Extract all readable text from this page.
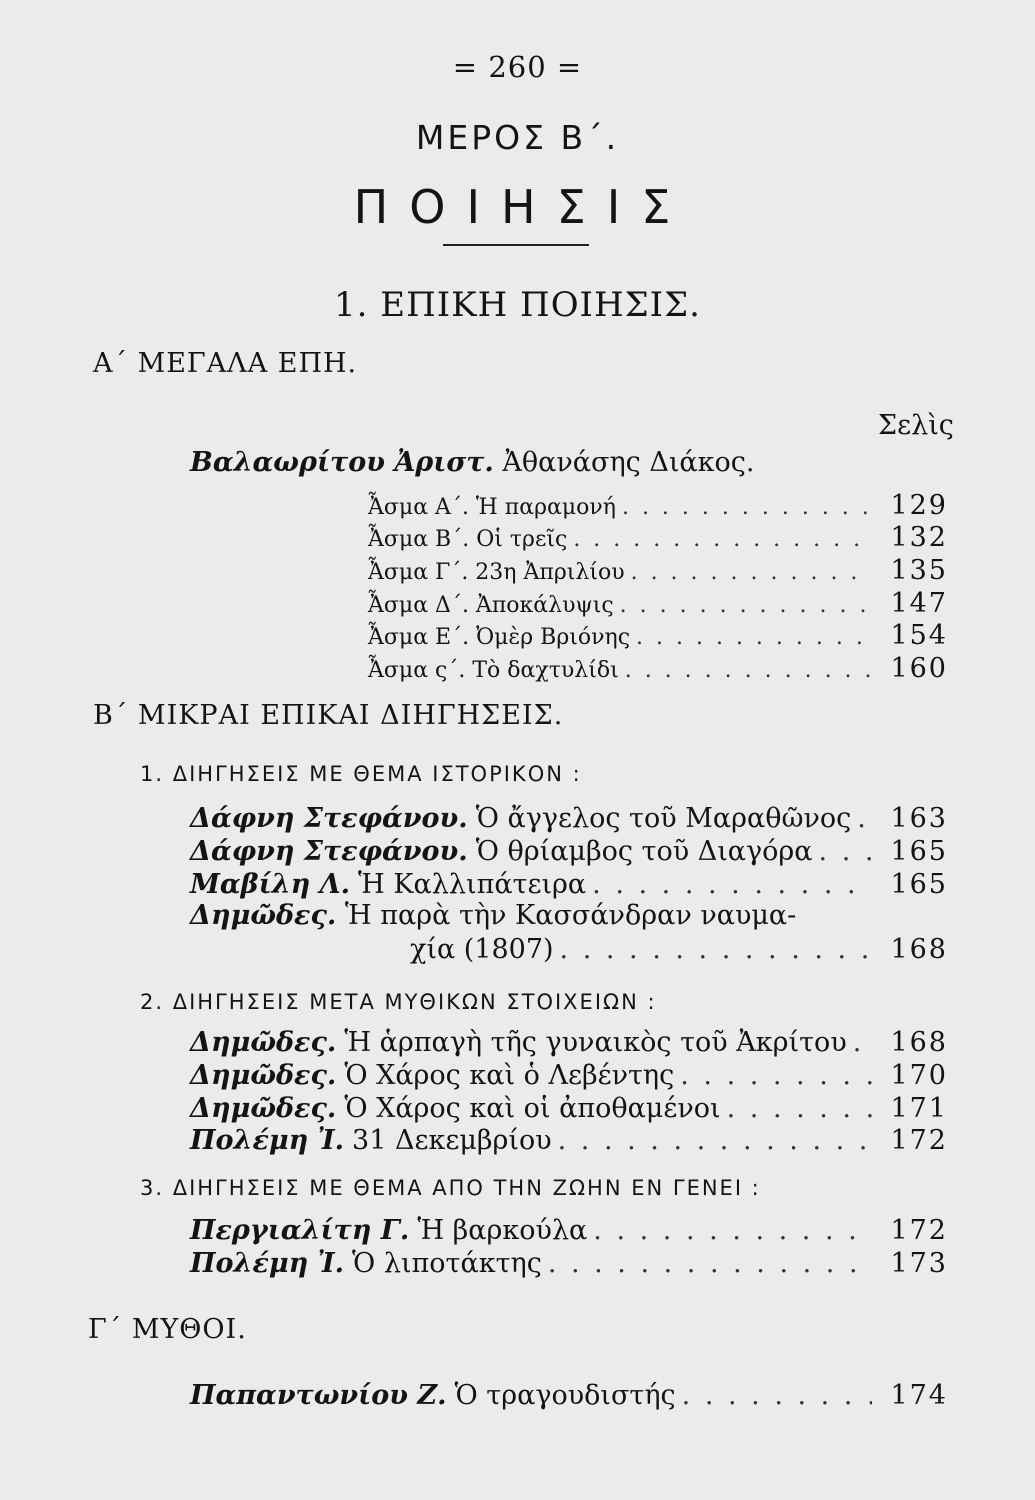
= 260 =
ΜΕΡΟΣ Β΄.
ΠΟΙΗΣΙΣ
1. ΕΠΙΚΗ ΠΟΙΗΣΙΣ.
Α΄ ΜΕΓΑΛΑ ΕΠΗ.
Σελὶς
Βαλαωρίτου Ἀριστ. Ἀθανάσης Διάκος.
Ἆσμα Α΄. Ἡ παραμονή . . .	129
Ἆσμα Β΄. Οἱ τρεῖς . . .	132
Ἆσμα Γ΄. 23η Ἀπριλίου . . .	135
Ἆσμα Δ΄. Ἀποκάλυψις . . .	147
Ἆσμα Ε΄. Ὀμὲρ Βριόνης . . .	154
Ἆσμα ς΄. Τὸ δαχτυλίδι . . .	160
Β΄ ΜΙΚΡΑΙ ΕΠΙΚΑΙ ΔΙΗΓΗΣΕΙΣ.
1. ΔΙΗΓΗΣΕΙΣ ΜΕ ΘΕΜΑ ΙΣΤΟΡΙΚΟΝ :
Δάφνη Στεφάνου. Ὁ ἄγγελος τοῦ Μαραθῶνος . . .	163
Δάφνη Στεφάνου. Ὁ θρίαμβος τοῦ Διαγόρα . . .	165
Μαβίλη Λ. Ἡ Καλλιπάτειρα . . .	165
Δημῶδες. Ἡ παρὰ τὴν Κασσάνδραν ναυμα-
χία (1807) . . .	168
2. ΔΙΗΓΗΣΕΙΣ ΜΕΤΑ ΜΥΘΙΚΩΝ ΣΤΟΙΧΕΙΩΝ :
Δημῶδες. Ἡ ἁρπαγὴ τῆς γυναικὸς τοῦ Ἀκρίτου . . .	168
Δημῶδες. Ὁ Χάρος καὶ ὁ Λεβέντης . . .	170
Δημῶδες. Ὁ Χάρος καὶ οἱ ἀποθαμένοι . . .	171
Πολέμη Ἰ. 31 Δεκεμβρίου . . .	172
3. ΔΙΗΓΗΣΕΙΣ ΜΕ ΘΕΜΑ ΑΠΟ ΤΗΝ ΖΩΗΝ ΕΝ ΓΕΝΕΙ :
Περγιαλίτη Γ. Ἡ βαρκούλα . . .	172
Πολέμη Ἰ. Ὁ λιποτάκτης . . .	173
Γ΄ ΜΥΘΟΙ.
Παπαντωνίου Ζ. Ὁ τραγουδιστής . . .	174
